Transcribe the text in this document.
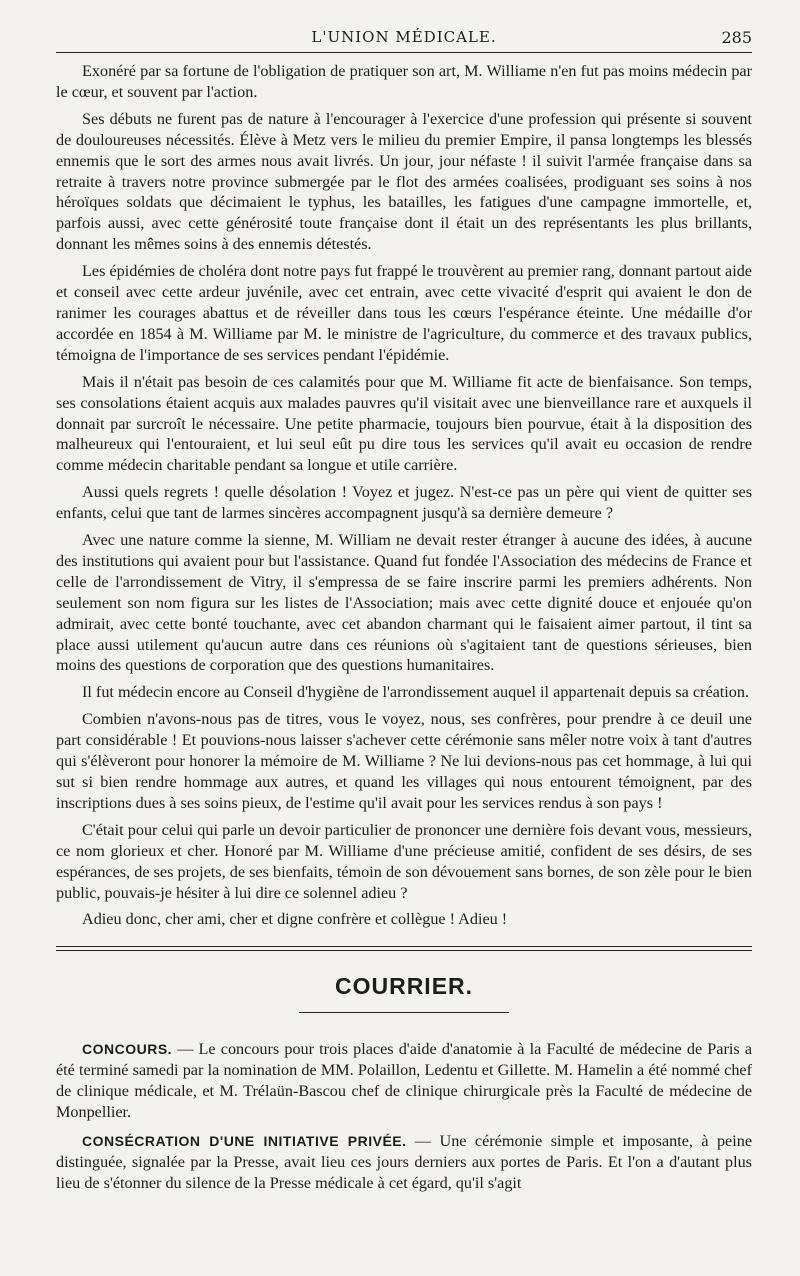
L'UNION MÉDICALE.	285

Exonéré par sa fortune de l'obligation de pratiquer son art, M. Williame n'en fut pas moins médecin par le cœur, et souvent par l'action.

Ses débuts ne furent pas de nature à l'encourager à l'exercice d'une profession qui présente si souvent de douloureuses nécessités. Élève à Metz vers le milieu du premier Empire, il pansa longtemps les blessés ennemis que le sort des armes nous avait livrés. Un jour, jour néfaste ! il suivit l'armée française dans sa retraite à travers notre province submergée par le flot des armées coalisées, prodiguant ses soins à nos héroïques soldats que décimaient le typhus, les batailles, les fatigues d'une campagne immortelle, et, parfois aussi, avec cette générosité toute française dont il était un des représentants les plus brillants, donnant les mêmes soins à des ennemis détestés.

Les épidémies de choléra dont notre pays fut frappé le trouvèrent au premier rang, donnant partout aide et conseil avec cette ardeur juvénile, avec cet entrain, avec cette vivacité d'esprit qui avaient le don de ranimer les courages abattus et de réveiller dans tous les cœurs l'espérance éteinte. Une médaille d'or accordée en 1854 à M. Williame par M. le ministre de l'agriculture, du commerce et des travaux publics, témoigna de l'importance de ses services pendant l'épidémie.

Mais il n'était pas besoin de ces calamités pour que M. Williame fit acte de bienfaisance. Son temps, ses consolations étaient acquis aux malades pauvres qu'il visitait avec une bienveillance rare et auxquels il donnait par surcroît le nécessaire. Une petite pharmacie, toujours bien pourvue, était à la disposition des malheureux qui l'entouraient, et lui seul eût pu dire tous les services qu'il avait eu occasion de rendre comme médecin charitable pendant sa longue et utile carrière.

Aussi quels regrets ! quelle désolation ! Voyez et jugez. N'est-ce pas un père qui vient de quitter ses enfants, celui que tant de larmes sincères accompagnent jusqu'à sa dernière demeure ?

Avec une nature comme la sienne, M. William ne devait rester étranger à aucune des idées, à aucune des institutions qui avaient pour but l'assistance. Quand fut fondée l'Association des médecins de France et celle de l'arrondissement de Vitry, il s'empressa de se faire inscrire parmi les premiers adhérents. Non seulement son nom figura sur les listes de l'Association; mais avec cette dignité douce et enjouée qu'on admirait, avec cette bonté touchante, avec cet abandon charmant qui le faisaient aimer partout, il tint sa place aussi utilement qu'aucun autre dans ces réunions où s'agitaient tant de questions sérieuses, bien moins des questions de corporation que des questions humanitaires.

Il fut médecin encore au Conseil d'hygiène de l'arrondissement auquel il appartenait depuis sa création.

Combien n'avons-nous pas de titres, vous le voyez, nous, ses confrères, pour prendre à ce deuil une part considérable ! Et pouvions-nous laisser s'achever cette cérémonie sans mêler notre voix à tant d'autres qui s'élèveront pour honorer la mémoire de M. Williame ? Ne lui devions-nous pas cet hommage, à lui qui sut si bien rendre hommage aux autres, et quand les villages qui nous entourent témoignent, par des inscriptions dues à ses soins pieux, de l'estime qu'il avait pour les services rendus à son pays !

C'était pour celui qui parle un devoir particulier de prononcer une dernière fois devant vous, messieurs, ce nom glorieux et cher. Honoré par M. Williame d'une précieuse amitié, confident de ses désirs, de ses espérances, de ses projets, de ses bienfaits, témoin de son dévouement sans bornes, de son zèle pour le bien public, pouvais-je hésiter à lui dire ce solennel adieu ?

Adieu donc, cher ami, cher et digne confrère et collègue ! Adieu !

COURRIER.

CONCOURS. — Le concours pour trois places d'aide d'anatomie à la Faculté de médecine de Paris a été terminé samedi par la nomination de MM. Polaillon, Ledentu et Gillette. M. Hamelin a été nommé chef de clinique médicale, et M. Trélaün-Bascou chef de clinique chirurgicale près la Faculté de médecine de Monpellier.

CONSÉCRATION D'UNE INITIATIVE PRIVÉE. — Une cérémonie simple et imposante, à peine distinguée, signalée par la Presse, avait lieu ces jours derniers aux portes de Paris. Et l'on a d'autant plus lieu de s'étonner du silence de la Presse médicale à cet égard, qu'il s'agit
